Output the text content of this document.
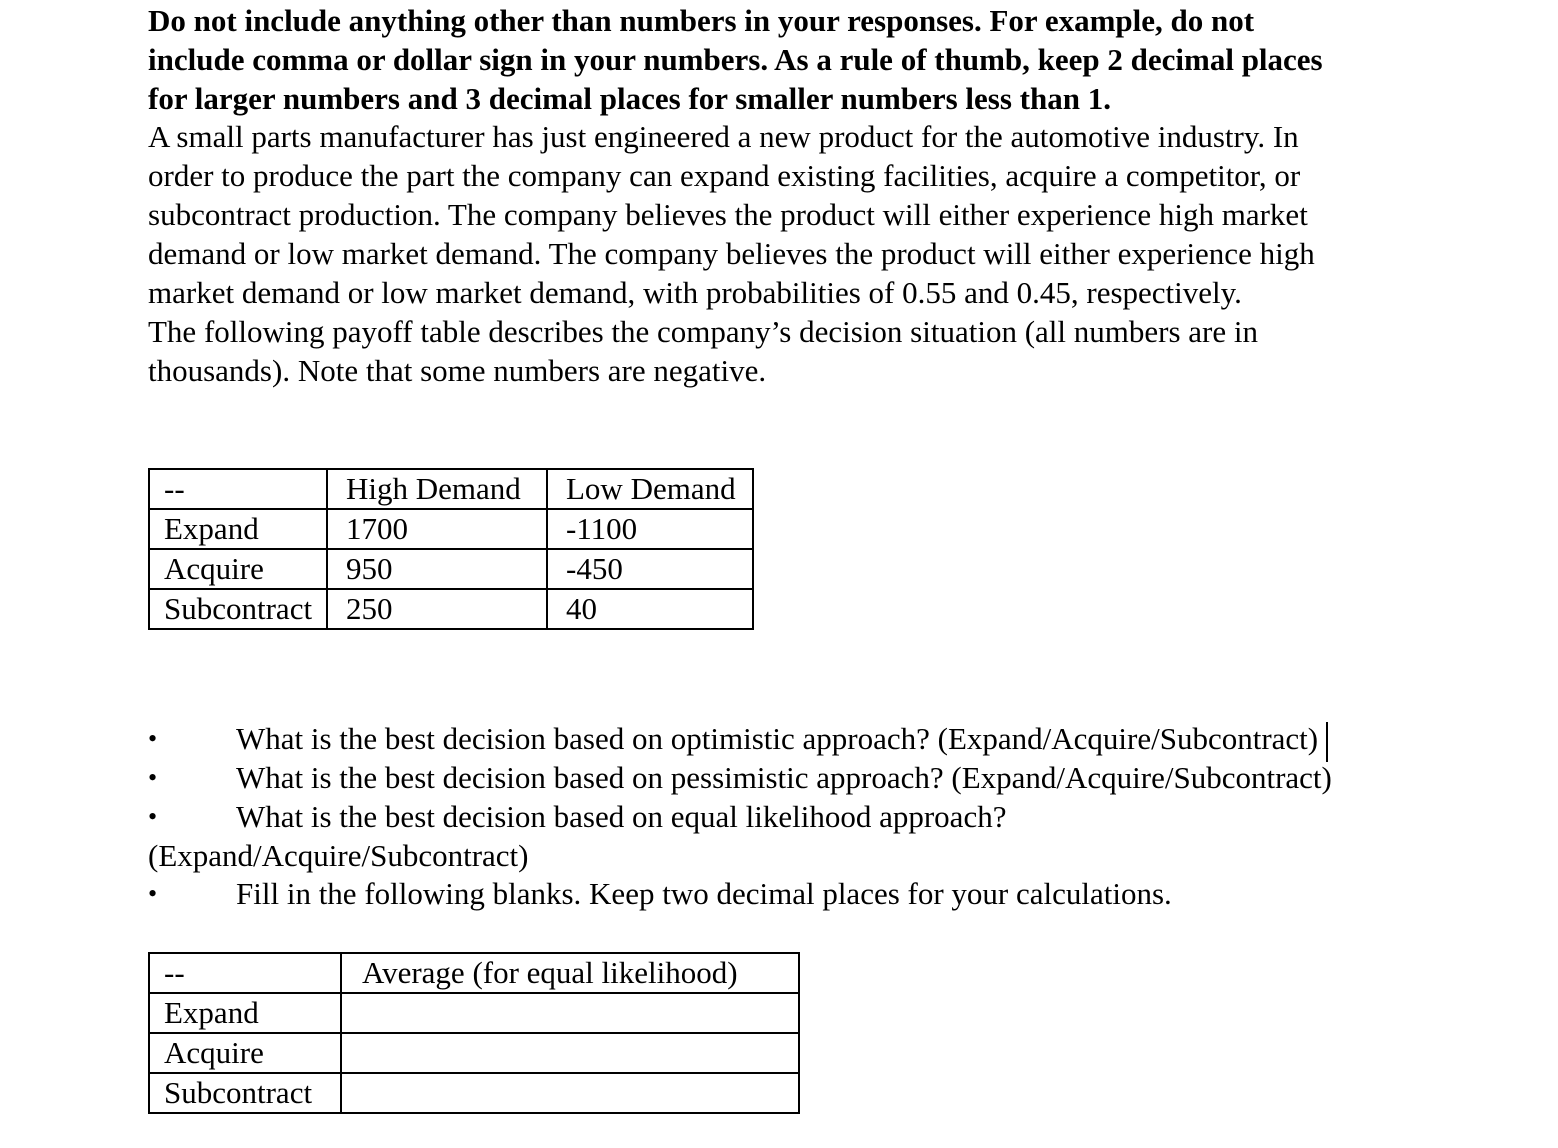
Do not include anything other than numbers in your responses. For example, do not
include comma or dollar sign in your numbers. As a rule of thumb, keep 2 decimal places
for larger numbers and 3 decimal places for smaller numbers less than 1.
A small parts manufacturer has just engineered a new product for the automotive industry. In
order to produce the part the company can expand existing facilities, acquire a competitor, or
subcontract production. The company believes the product will either experience high market
demand or low market demand. The company believes the product will either experience high
market demand or low market demand, with probabilities of 0.55 and 0.45, respectively.
The following payoff table describes the company’s decision situation (all numbers are in
thousands). Note that some numbers are negative.
--	High Demand	Low Demand
Expand	1700	-1100
Acquire	950	-450
Subcontract	250	40
•	What is the best decision based on optimistic approach? (Expand/Acquire/Subcontract)
•	What is the best decision based on pessimistic approach? (Expand/Acquire/Subcontract)
•	What is the best decision based on equal likelihood approach?
(Expand/Acquire/Subcontract)
•	Fill in the following blanks. Keep two decimal places for your calculations.
--	Average (for equal likelihood)
Expand	
Acquire	
Subcontract	
